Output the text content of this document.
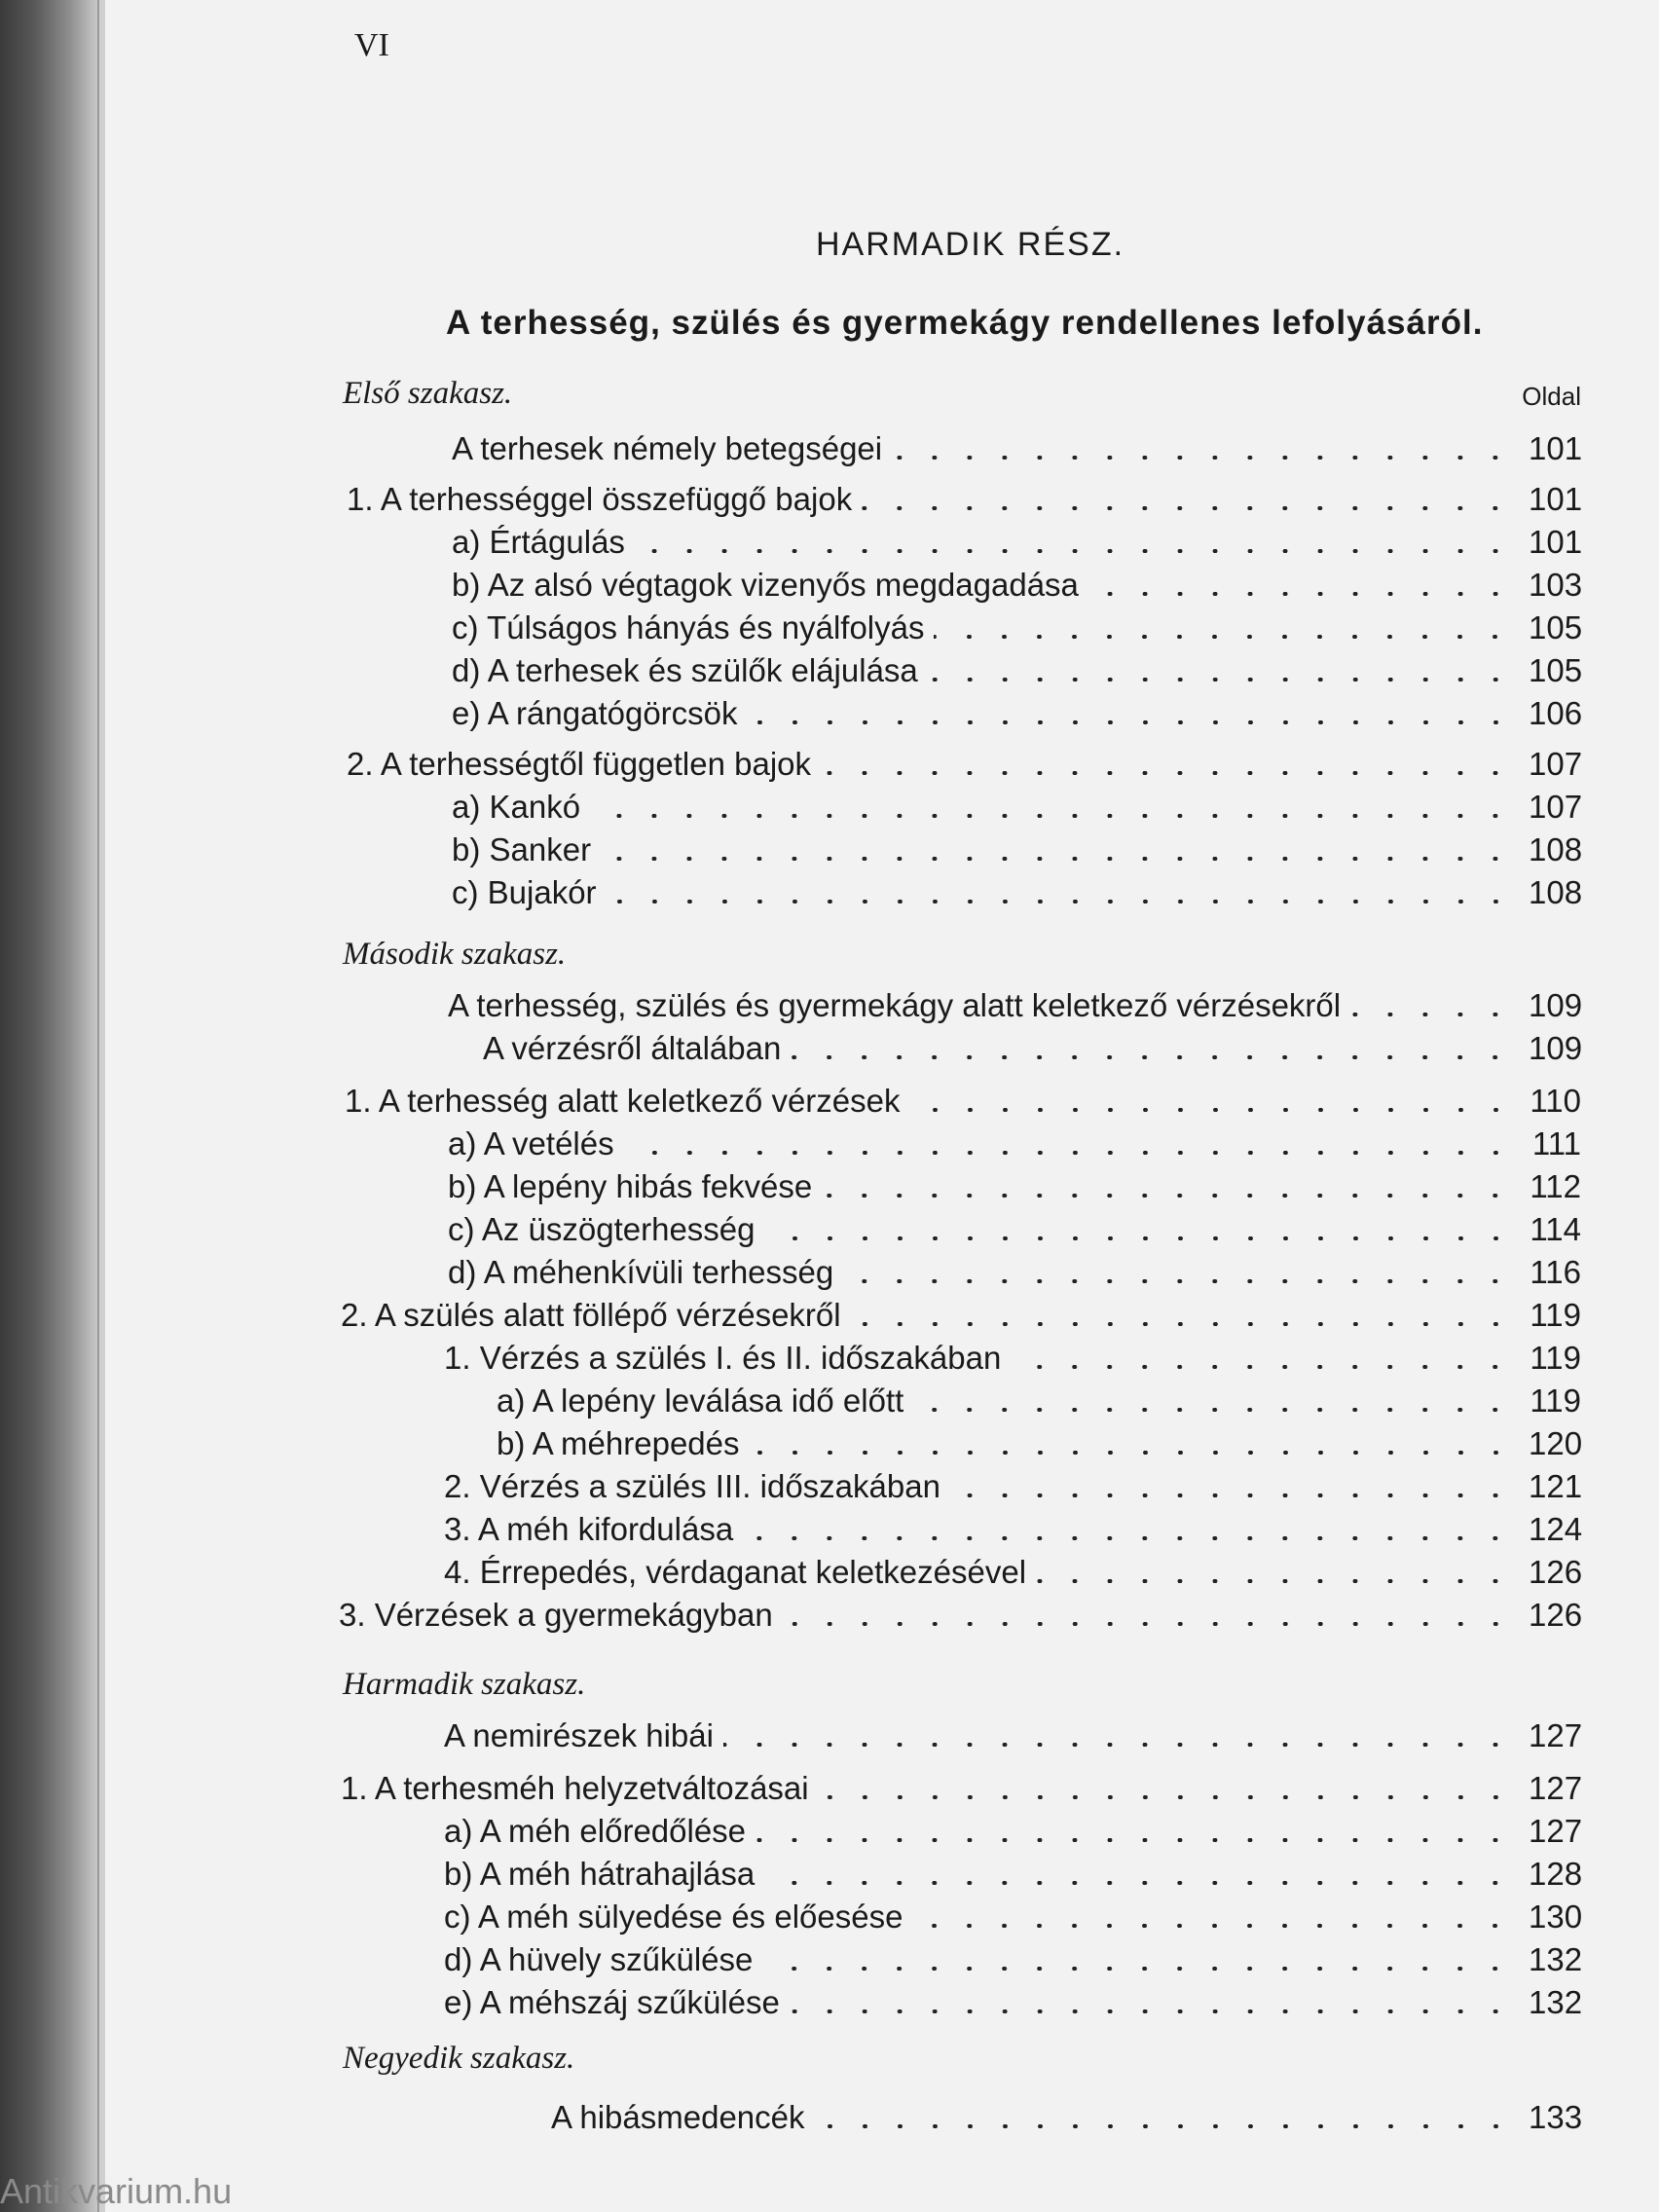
VI
HARMADIK RÉSZ.
A terhesség, szülés és gyermekágy rendellenes lefolyásáról.
Oldal
Első szakasz.
Második szakasz.
Harmadik szakasz.
Negyedik szakasz.
A terhesek némely betegségei	101
1. A terhességgel összefüggő bajok	101
a) Értágulás	101
b) Az alsó végtagok vizenyős megdagadása	103
c) Túlságos hányás és nyálfolyás	105
d) A terhesek és szülők elájulása	105
e) A rángatógörcsök	106
2. A terhességtől független bajok	107
a) Kankó	107
b) Sanker	108
c) Bujakór	108
A terhesség, szülés és gyermekágy alatt keletkező vérzésekről	109
A vérzésről általában	109
1. A terhesség alatt keletkező vérzések	110
a) A vetélés	111
b) A lepény hibás fekvése	112
c) Az üszögterhesség	114
d) A méhenkívüli terhesség	116
2. A szülés alatt föllépő vérzésekről	119
1. Vérzés a szülés I. és II. időszakában	119
a) A lepény leválása idő előtt	119
b) A méhrepedés	120
2. Vérzés a szülés III. időszakában	121
3. A méh kifordulása	124
4. Érrepedés, vérdaganat keletkezésével	126
3. Vérzések a gyermekágyban	126
A nemirészek hibái	127
1. A terhesméh helyzetváltozásai	127
a) A méh előredőlése	127
b) A méh hátrahajlása	128
c) A méh sülyedése és előesése	130
d) A hüvely szűkülése	132
e) A méhszáj szűkülése	132
A hibásmedencék	133
Antikvarium.hu
